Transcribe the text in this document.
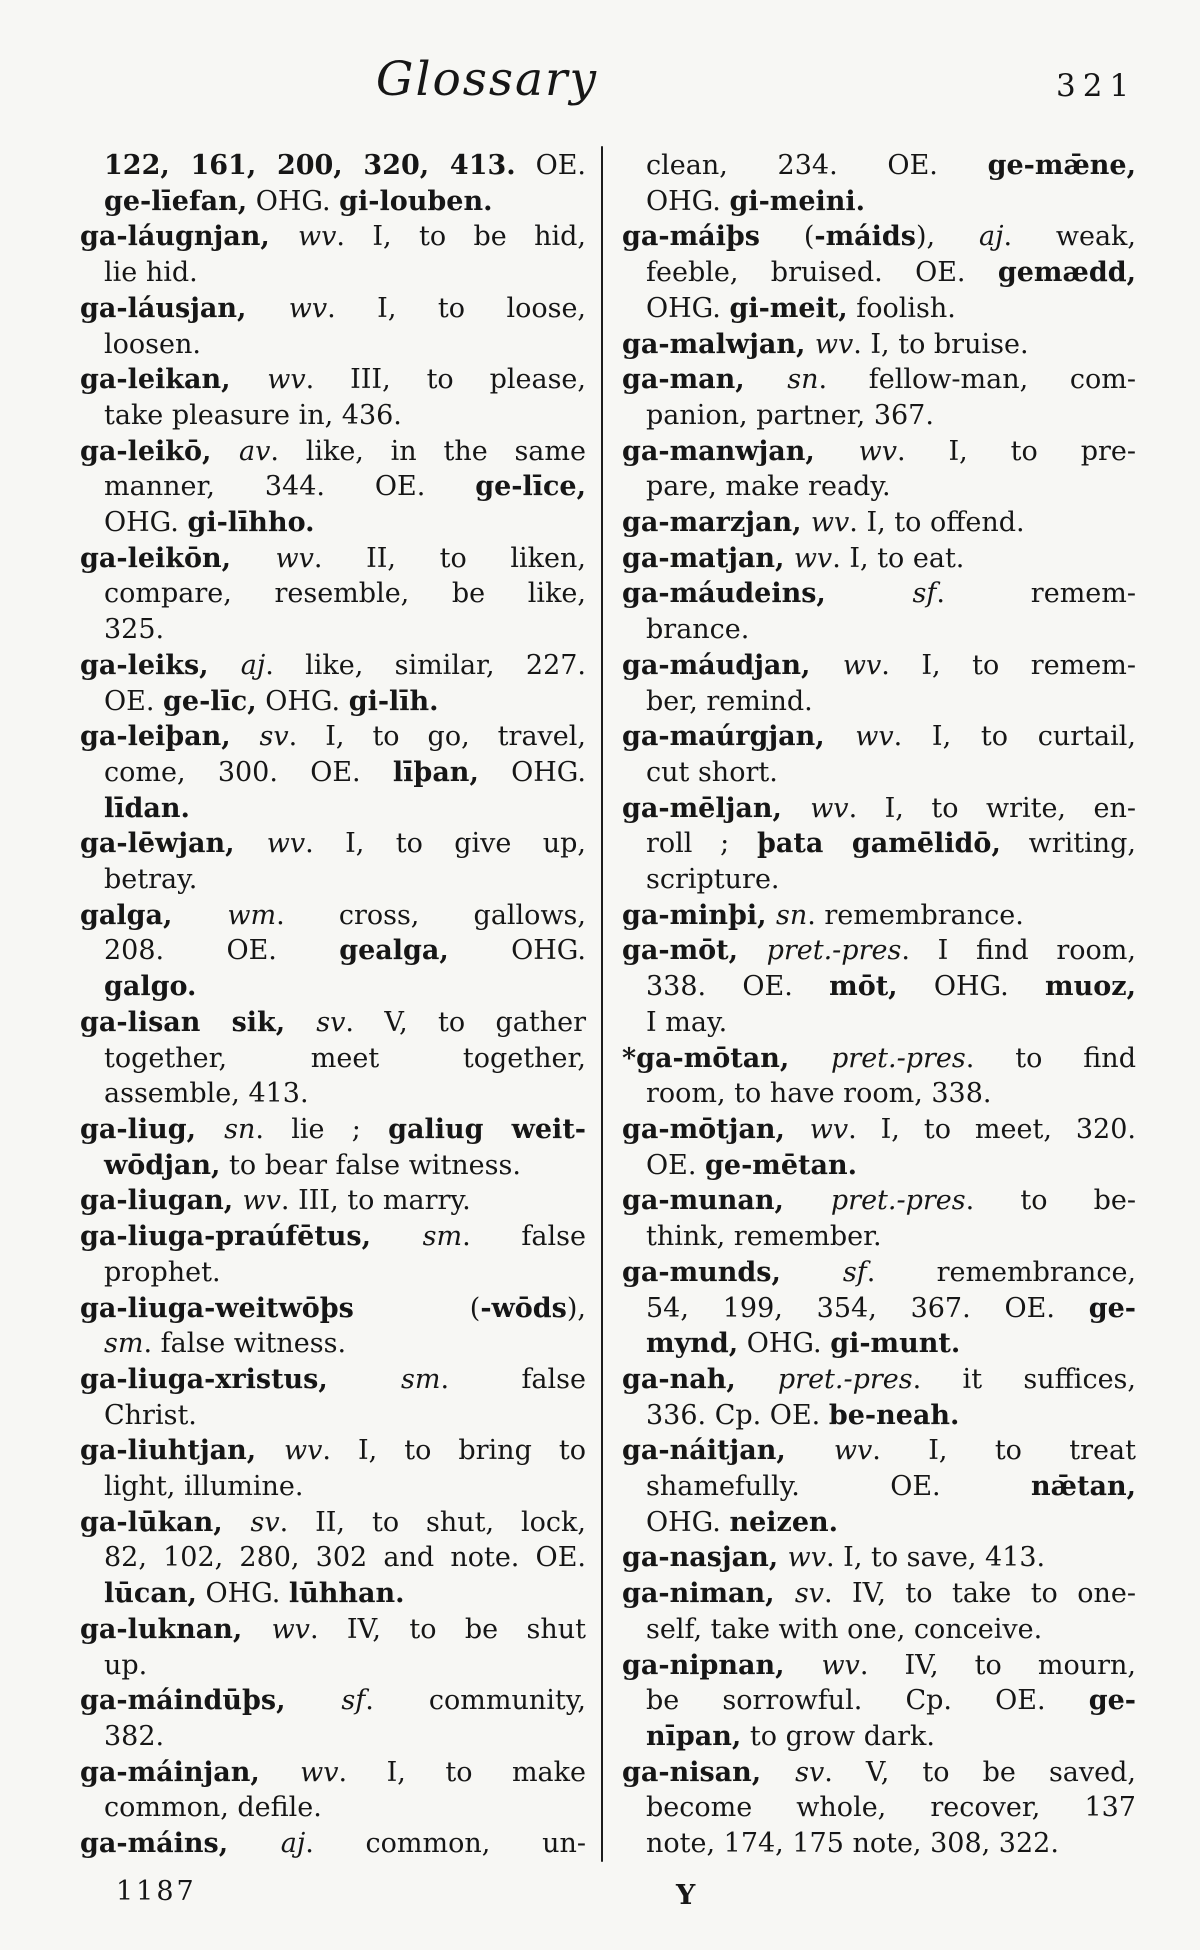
Glossary	321
122, 161, 200, 320, 413. OE.
ge-līefan, OHG. gi-louben.
ga-láugnjan, wv. I, to be hid,
lie hid.
ga-láusjan, wv. I, to loose,
loosen.
ga-leikan, wv. III, to please,
take pleasure in, 436.
ga-leikō, av. like, in the same
manner, 344. OE. ge-līce,
OHG. gi-līhho.
ga-leikōn, wv. II, to liken,
compare, resemble, be like,
325.
ga-leiks, aj. like, similar, 227.
OE. ge-līc, OHG. gi-līh.
ga-leiþan, sv. I, to go, travel,
come, 300. OE. līþan, OHG.
līdan.
ga-lēwjan, wv. I, to give up,
betray.
galga, wm. cross, gallows,
208. OE. gealga, OHG.
galgo.
ga-lisan sik, sv. V, to gather
together, meet together,
assemble, 413.
ga-liug, sn. lie ; galiug weit-
wōdjan, to bear false witness.
ga-liugan, wv. III, to marry.
ga-liuga-praúfētus, sm. false
prophet.
ga-liuga-weitwōþs (-wōds),
sm. false witness.
ga-liuga-xristus, sm. false
Christ.
ga-liuhtjan, wv. I, to bring to
light, illumine.
ga-lūkan, sv. II, to shut, lock,
82, 102, 280, 302 and note. OE.
lūcan, OHG. lūhhan.
ga-luknan, wv. IV, to be shut
up.
ga-máindūþs, sf. community,
382.
ga-máinjan, wv. I, to make
common, defile.
ga-máins, aj. common, un-
clean, 234. OE. ge-mǣne,
OHG. gi-meini.
ga-máiþs (-máids), aj. weak,
feeble, bruised. OE. gemædd,
OHG. gi-meit, foolish.
ga-malwjan, wv. I, to bruise.
ga-man, sn. fellow-man, com-
panion, partner, 367.
ga-manwjan, wv. I, to pre-
pare, make ready.
ga-marzjan, wv. I, to offend.
ga-matjan, wv. I, to eat.
ga-máudeins, sf. remem-
brance.
ga-máudjan, wv. I, to remem-
ber, remind.
ga-maúrgjan, wv. I, to curtail,
cut short.
ga-mēljan, wv. I, to write, en-
roll ; þata gamēlidō, writing,
scripture.
ga-minþi, sn. remembrance.
ga-mōt, pret.-pres. I find room,
338. OE. mōt, OHG. muoz,
I may.
*ga-mōtan, pret.-pres. to find
room, to have room, 338.
ga-mōtjan, wv. I, to meet, 320.
OE. ge-mētan.
ga-munan, pret.-pres. to be-
think, remember.
ga-munds, sf. remembrance,
54, 199, 354, 367. OE. ge-
mynd, OHG. gi-munt.
ga-nah, pret.-pres. it suffices,
336. Cp. OE. be-neah.
ga-náitjan, wv. I, to treat
shamefully. OE. nǣtan,
OHG. neizen.
ga-nasjan, wv. I, to save, 413.
ga-niman, sv. IV, to take to one-
self, take with one, conceive.
ga-nipnan, wv. IV, to mourn,
be sorrowful. Cp. OE. ge-
nīpan, to grow dark.
ga-nisan, sv. V, to be saved,
become whole, recover, 137
note, 174, 175 note, 308, 322.
1187	Y
